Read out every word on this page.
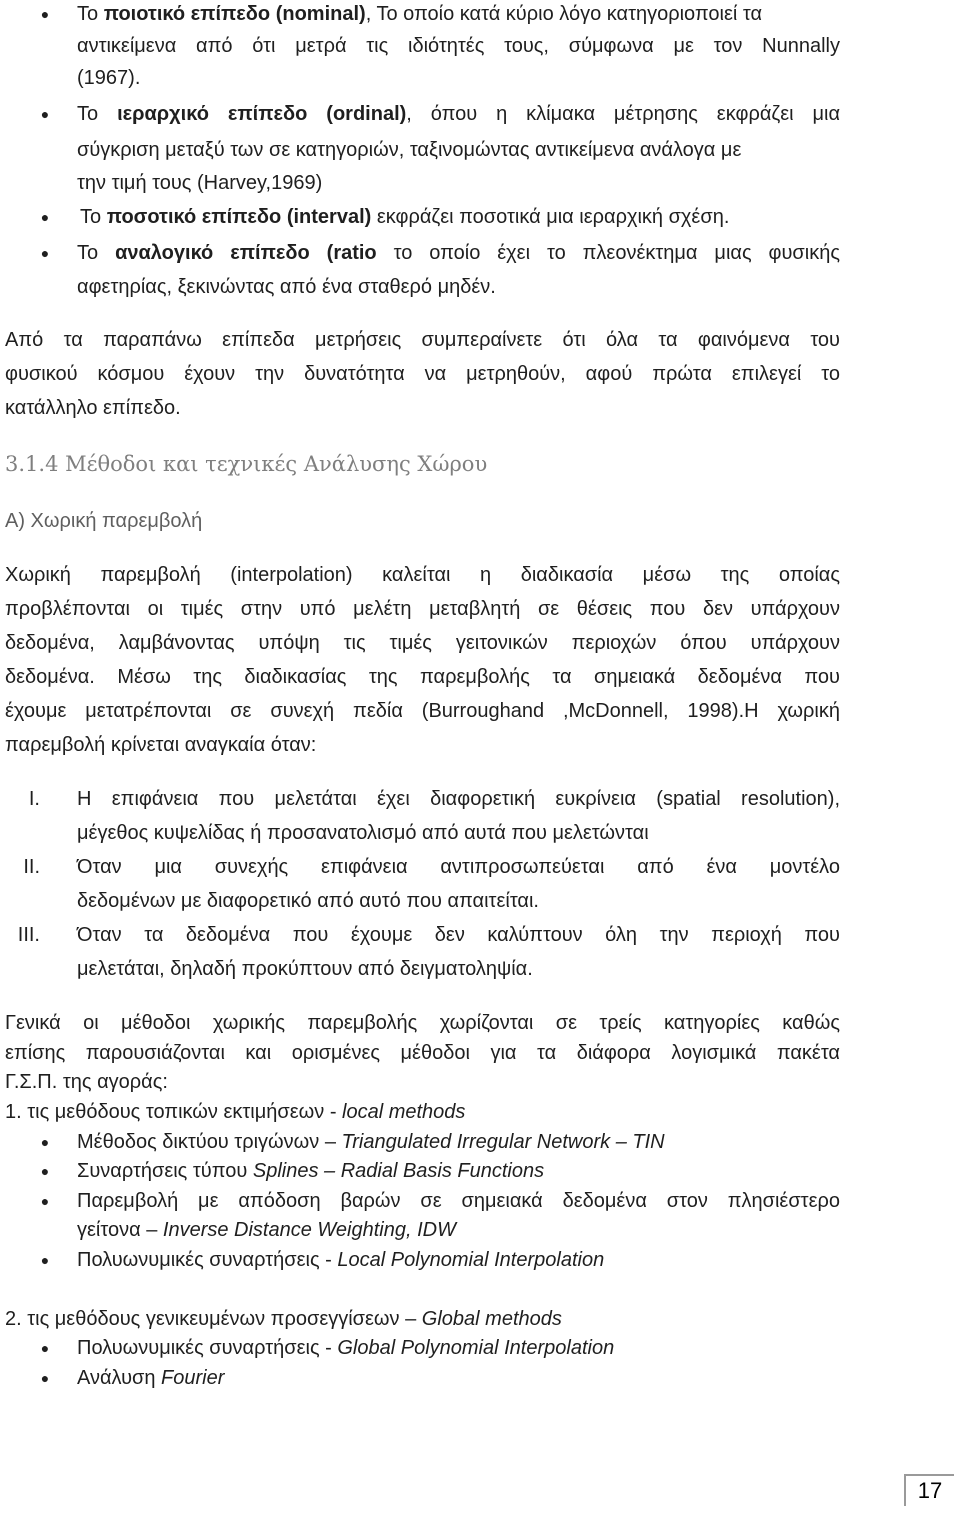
● Το ποιοτικό επίπεδο (nominal), Το οποίο κατά κύριο λόγο κατηγοριοποιεί τα
αντικείμενα από ότι μετρά τις ιδιότητές τους, σύμφωνα με τον Nunnally
(1967).
● Το ιεραρχικό επίπεδο (ordinal), όπου η κλίμακα μέτρησης εκφράζει μια
σύγκριση μεταξύ των σε κατηγοριών, ταξινομώντας αντικείμενα ανάλογα με
την τιμή τους (Harvey,1969)
● Το ποσοτικό επίπεδο (interval) εκφράζει ποσοτικά μια ιεραρχική σχέση.
● Το αναλογικό επίπεδο (ratio το οποίο έχει το πλεονέκτημα μιας φυσικής
αφετηρίας, ξεκινώντας από ένα σταθερό μηδέν.
Από τα παραπάνω επίπεδα μετρήσεις συμπεραίνετε ότι όλα τα φαινόμενα του
φυσικού κόσμου έχουν την δυνατότητα να μετρηθούν, αφού πρώτα επιλεγεί το
κατάλληλο επίπεδο.
3.1.4 Μέθοδοι και τεχνικές Ανάλυσης Χώρου
Α) Χωρική παρεμβολή
Χωρική παρεμβολή (interpolation) καλείται η διαδικασία μέσω της οποίας
προβλέπονται οι τιμές στην υπό μελέτη μεταβλητή σε θέσεις που δεν υπάρχουν
δεδομένα, λαμβάνοντας υπόψη τις τιμές γειτονικών περιοχών όπου υπάρχουν
δεδομένα. Μέσω της διαδικασίας της παρεμβολής τα σημειακά δεδομένα που
έχουμε μετατρέπονται σε συνεχή πεδία (Burroughand ,McDonnell, 1998).Η χωρική
παρεμβολή κρίνεται αναγκαία όταν:
I. Η επιφάνεια που μελετάται έχει διαφορετική ευκρίνεια (spatial resolution),
μέγεθος κυψελίδας ή προσανατολισμό από αυτά που μελετώνται
II. Όταν μια συνεχής επιφάνεια αντιπροσωπεύεται από ένα μοντέλο
δεδομένων με διαφορετικό από αυτό που απαιτείται.
III. Όταν τα δεδομένα που έχουμε δεν καλύπτουν όλη την περιοχή που
μελετάται, δηλαδή προκύπτουν από δειγματοληψία.
Γενικά οι μέθοδοι χωρικής παρεμβολής χωρίζονται σε τρείς κατηγορίες καθώς
επίσης παρουσιάζονται και ορισμένες μέθοδοι για τα διάφορα λογισμικά πακέτα
Γ.Σ.Π. της αγοράς:
1. τις μεθόδους τοπικών εκτιμήσεων - local methods
● Μέθοδος δικτύου τριγώνων – Triangulated Irregular Network – TIN
● Συναρτήσεις τύπου Splines – Radial Basis Functions
● Παρεμβολή με απόδοση βαρών σε σημειακά δεδομένα στον πλησιέστερο
γείτονα – Inverse Distance Weighting, IDW
● Πολυωνυμικές συναρτήσεις - Local Polynomial Interpolation
2. τις μεθόδους γενικευμένων προσεγγίσεων – Global methods
● Πολυωνυμικές συναρτήσεις - Global Polynomial Interpolation
● Ανάλυση Fourier
17
